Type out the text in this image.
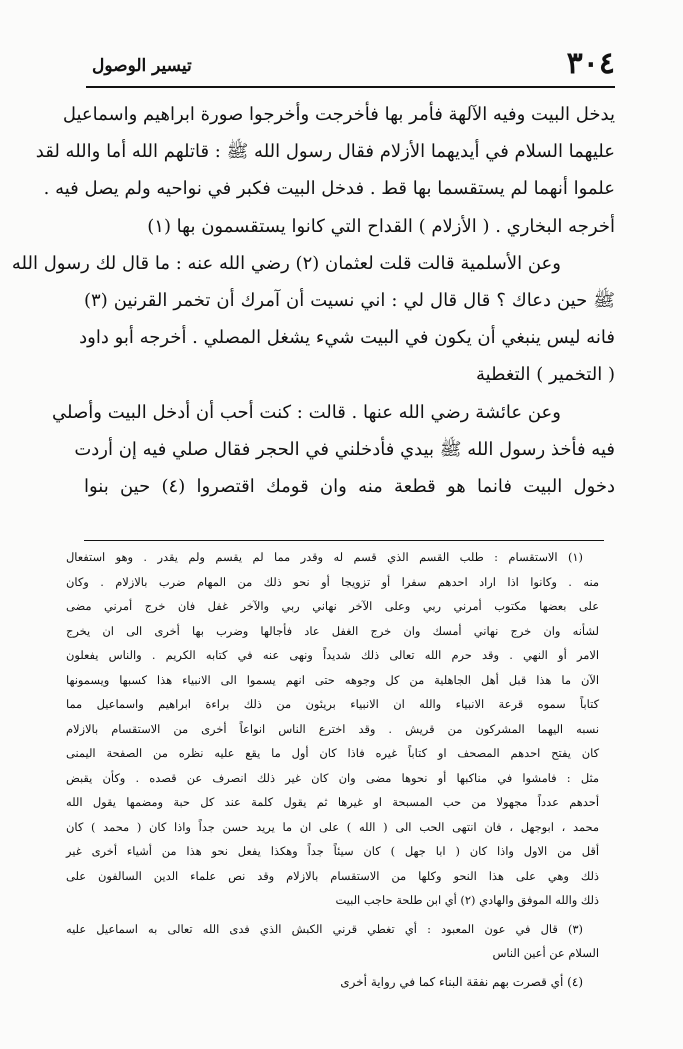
٣٠٤
تيسير الوصول
يدخل البيت وفيه الآلهة فأمر بها فأخرجت وأخرجوا صورة ابراهيم واسماعيل
عليهما السلام في أيديهما الأزلام فقال رسول الله ﷺ : قاتلهم الله أما والله لقد
علموا أنهما لم يستقسما بها قط . فدخل البيت فكبر في نواحيه ولم يصل فيه .
أخرجه البخاري . ( الأزلام ) القداح التي كانوا يستقسمون بها (١)
وعن الأسلمية قالت قلت لعثمان (٢) رضي الله عنه : ما قال لك رسول الله
ﷺ حين دعاك ؟ قال قال لي : اني نسيت أن آمرك أن تخمر القرنين (٣)
فانه ليس ينبغي أن يكون في البيت شيء يشغل المصلي . أخرجه أبو داود
( التخمير ) التغطية
وعن عائشة رضي الله عنها . قالت : كنت أحب أن أدخل البيت وأصلي
فيه فأخذ رسول الله ﷺ بيدي فأدخلني في الحجر فقال صلي فيه إن أردت
دخول البيت فانما هو قطعة منه وان قومك اقتصروا (٤) حين بنوا
(١) الاستقسام : طلب القسم الذي قسم له وقدر مما لم يقسم ولم يقدر . وهو استفعال
منه . وكانوا اذا اراد احدهم سفرا أو تزويجا أو نحو ذلك من المهام ضرب بالازلام . وكان
على بعضها مكتوب أمرني ربي وعلى الآخر نهاني ربي والآخر غفل فان خرج أمرني مضى
لشأنه وان خرج نهاني أمسك وان خرج الغفل عاد فأجالها وضرب بها أخرى الى ان يخرج
الامر أو النهي . وقد حرم الله تعالى ذلك شديداً ونهى عنه في كتابه الكريم . والناس يفعلون
الآن ما هذا قبل أهل الجاهلية من كل وجوهه حتى انهم يسموا الى الانبياء هذا كسبها ويسمونها
كتاباً سموه قرعة الانبياء والله ان الانبياء بريئون من ذلك براءة ابراهيم واسماعيل مما
نسبه اليهما المشركون من قريش . وقد اخترع الناس انواعاً أخرى من الاستقسام بالازلام
كان يفتح احدهم المصحف او كتاباً غيره فاذا كان أول ما يقع عليه نظره من الصفحة اليمنى
مثل : فامشوا في مناكبها أو نحوها مضى وان كان غير ذلك انصرف عن قصده . وكأن يقبض
أحدهم عدداً مجهولا من حب المسبحة او غيرها ثم يقول كلمة عند كل حبة ومضمها يقول الله
محمد ، ابوجهل ، فان انتهى الحب الى ( الله ) على ان ما يريد حسن جداً واذا كان ( محمد ) كان
أقل من الاول واذا كان ( ابا جهل ) كان سيئاً جداً وهكذا يفعل نحو هذا من أشياء أخرى غير
ذلك وهي على هذا النحو وكلها من الاستقسام بالازلام وقد نص علماء الدين السالفون على
ذلك والله الموفق والهادي (٢) أي ابن طلحة حاجب البيت
(٣) قال في عون المعبود : أي تغطي قرني الكبش الذي فدى الله تعالى به اسماعيل عليه
السلام عن أعين الناس
(٤) أي قصرت بهم نفقة البناء كما في رواية أخرى
